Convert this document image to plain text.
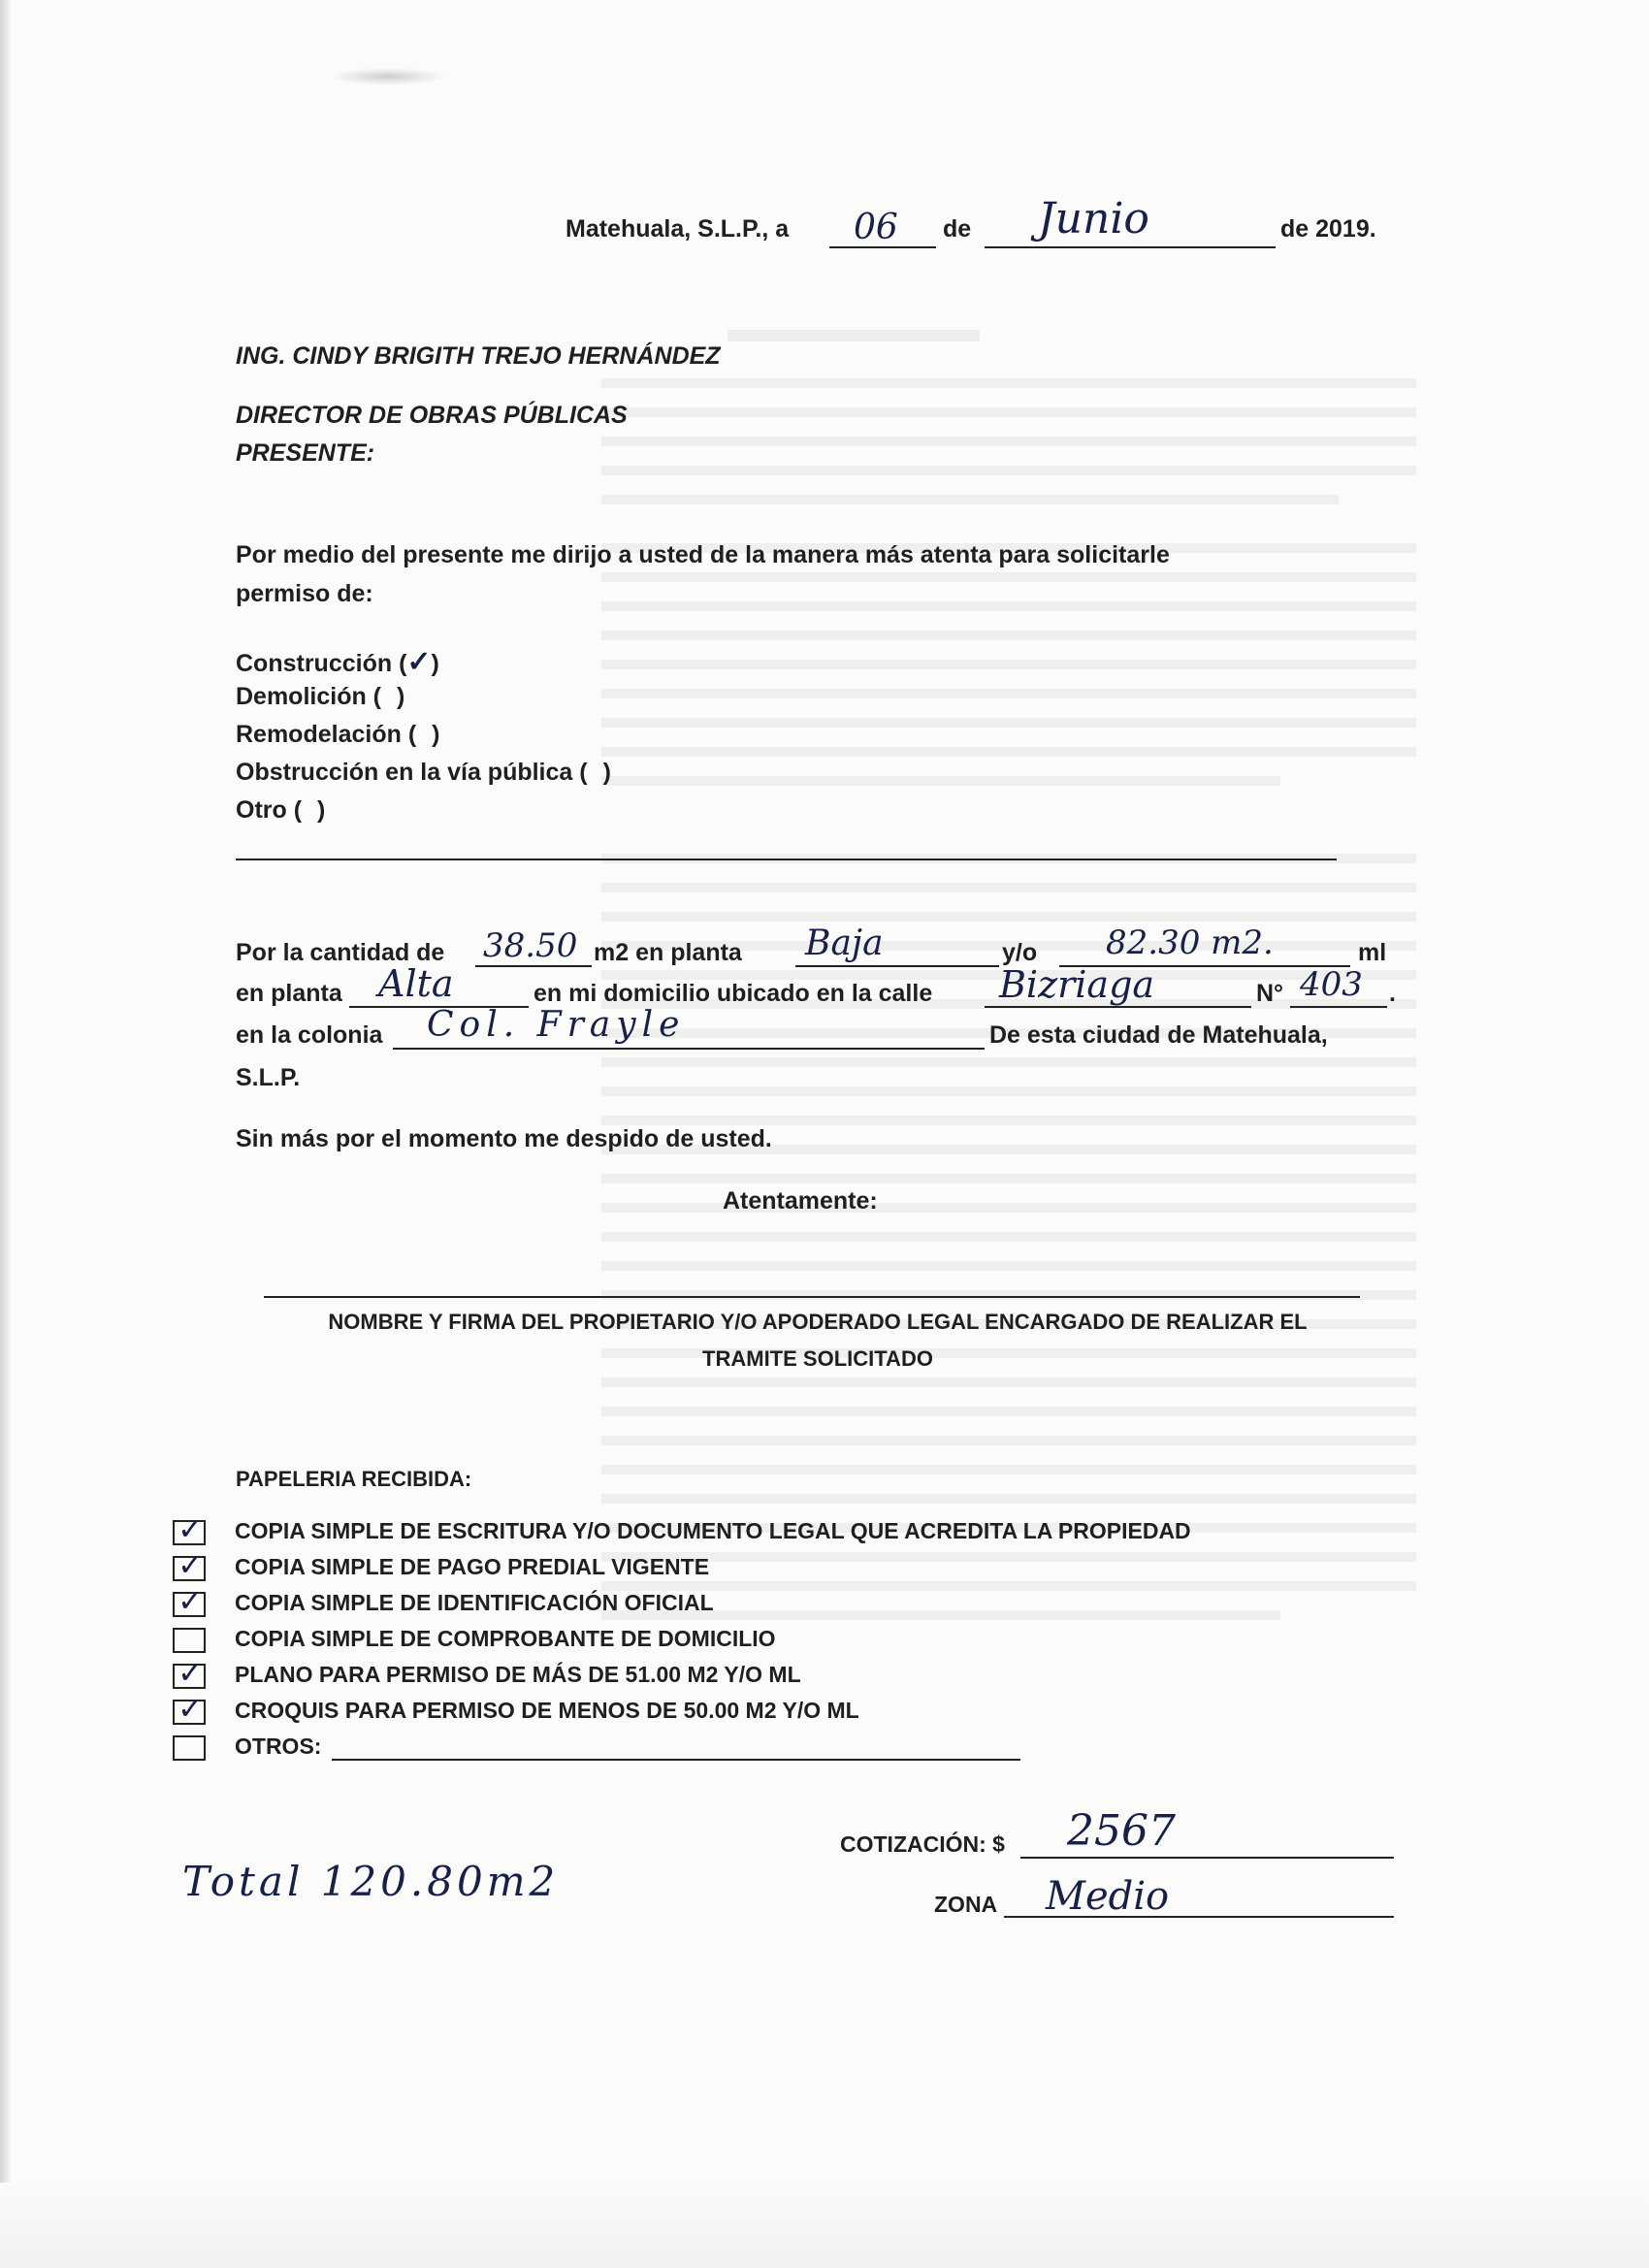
Matehuala, S.L.P., a 06 de Junio	de 2019.
ING. CINDY BRIGITH TREJO HERNÁNDEZ
DIRECTOR DE OBRAS PÚBLICAS
PRESENTE:
Por medio del presente me dirijo a usted de la manera más atenta para solicitarle
permiso de:
Construcción (✓)
Demolición ( )
Remodelación ( )
Obstrucción en la vía pública ( )
Otro ( )
Por la cantidad de 38.50 m2 en planta Baja	y/o 82.30 m2.	ml
en planta Alta	en mi domicilio ubicado en la calle Bizriaga	N° 403 .
en la colonia Col. Frayle	De esta ciudad de Matehuala,
S.L.P.
Sin más por el momento me despido de usted.
Atentamente:
NOMBRE Y FIRMA DEL PROPIETARIO Y/O APODERADO LEGAL ENCARGADO DE REALIZAR EL
TRAMITE SOLICITADO
PAPELERIA RECIBIDA:
✓ COPIA SIMPLE DE ESCRITURA Y/O DOCUMENTO LEGAL QUE ACREDITA LA PROPIEDAD
✓ COPIA SIMPLE DE PAGO PREDIAL VIGENTE
✓ COPIA SIMPLE DE IDENTIFICACIÓN OFICIAL
COPIA SIMPLE DE COMPROBANTE DE DOMICILIO
✓ PLANO PARA PERMISO DE MÁS DE 51.00 M2 Y/O ML
✓ CROQUIS PARA PERMISO DE MENOS DE 50.00 M2 Y/O ML
OTROS:
Total 120.80m2
COTIZACIÓN: $ 2567
ZONA Medio
